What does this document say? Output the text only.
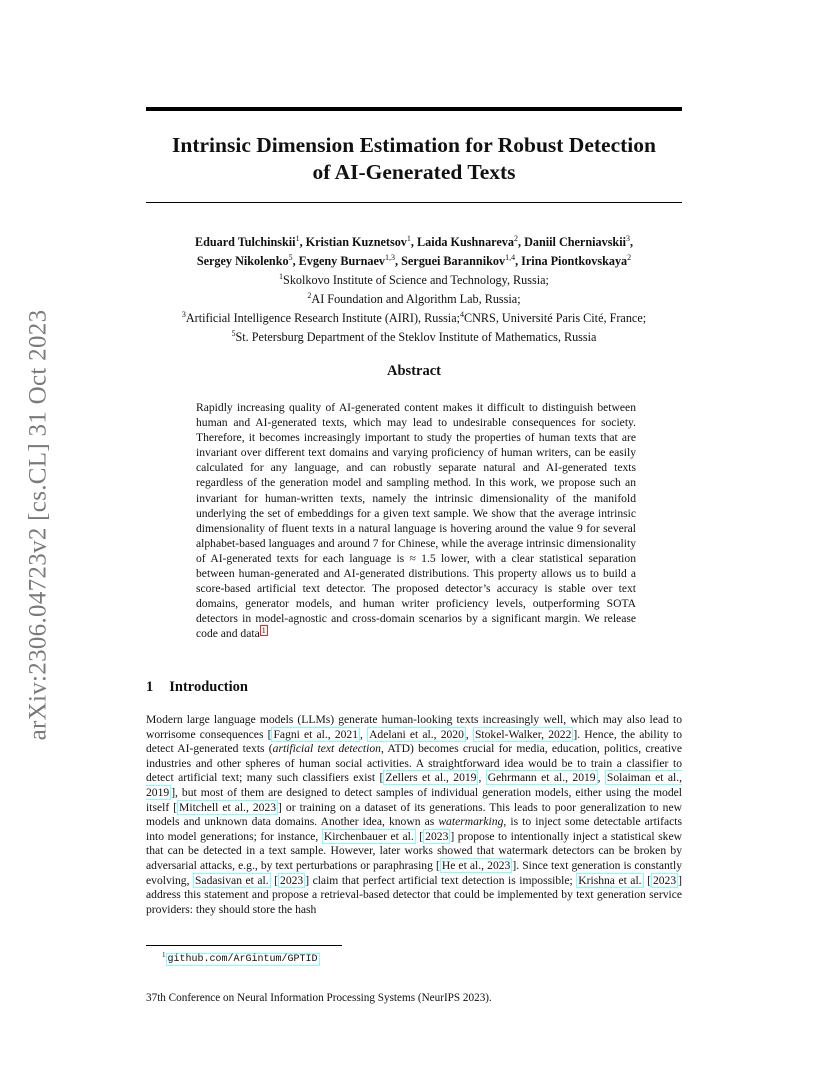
arXiv:2306.04723v2 [cs.CL] 31 Oct 2023
Intrinsic Dimension Estimation for Robust Detection
of AI-Generated Texts
Eduard Tulchinskii$^1$, Kristian Kuznetsov$^1$, Laida Kushnareva$^2$, Daniil Cherniavskii$^3$,
Sergey Nikolenko$^5$, Evgeny Burnaev$^{1,3}$, Serguei Barannikov$^{1,4}$, Irina Piontkovskaya$^2$
$^1$Skolkovo Institute of Science and Technology, Russia;
$^2$AI Foundation and Algorithm Lab, Russia;
$^3$Artificial Intelligence Research Institute (AIRI), Russia;$^4$CNRS, Université Paris Cité, France;
$^5$St. Petersburg Department of the Steklov Institute of Mathematics, Russia
Abstract

Rapidly increasing quality of AI-generated content makes it difficult to distinguish between human and AI-generated texts, which may lead to undesirable consequences for society. Therefore, it becomes increasingly important to study the properties of human texts that are invariant over different text domains and varying proficiency of human writers, can be easily calculated for any language, and can robustly separate natural and AI-generated texts regardless of the generation model and sampling method. In this work, we propose such an invariant for human-written texts, namely the intrinsic dimensionality of the manifold underlying the set of embeddings for a given text sample. We show that the average intrinsic dimensionality of fluent texts in a natural language is hovering around the value 9 for several alphabet-based languages and around 7 for Chinese, while the average intrinsic dimensionality of AI-generated texts for each language is ≈ 1.5 lower, with a clear statistical separation between human-generated and AI-generated distributions. This property allows us to build a score-based artificial text detector. The proposed detector’s accuracy is stable over text domains, generator models, and human writer proficiency levels, outperforming SOTA detectors in model-agnostic and cross-domain scenarios by a significant margin. We release code and data $^1$

1 Introduction

Modern large language models (LLMs) generate human-looking texts increasingly well, which may also lead to worrisome consequences [ Fagni et al., 2021 , Adelani et al., 2020 , Stokel-Walker, 2022 ]. Hence, the ability to detect AI-generated texts (artificial text detection, ATD) becomes crucial for media, education, politics, creative industries and other spheres of human social activities. A straightforward idea would be to train a classifier to detect artificial text; many such classifiers exist [ Zellers et al., 2019 , Gehrmann et al., 2019 , Solaiman et al., 2019 ], but most of them are designed to detect samples of individual generation models, either using the model itself [ Mitchell et al., 2023 ] or training on a dataset of its generations. This leads to poor generalization to new models and unknown data domains. Another idea, known as watermarking, is to inject some detectable artifacts into model generations; for instance, Kirchenbauer et al. [ 2023 ] propose to intentionally inject a statistical skew that can be detected in a text sample. However, later works showed that watermark detectors can be broken by adversarial attacks, e.g., by text perturbations or paraphrasing [ He et al., 2023 ]. Since text generation is constantly evolving, Sadasivan et al. [ 2023 ] claim that perfect artificial text detection is impossible; Krishna et al. [ 2023 ] address this statement and propose a retrieval-based detector that could be implemented by text generation service providers: they should store the hash

$^1$ github.com/ArGintum/GPTID
37th Conference on Neural Information Processing Systems (NeurIPS 2023).
